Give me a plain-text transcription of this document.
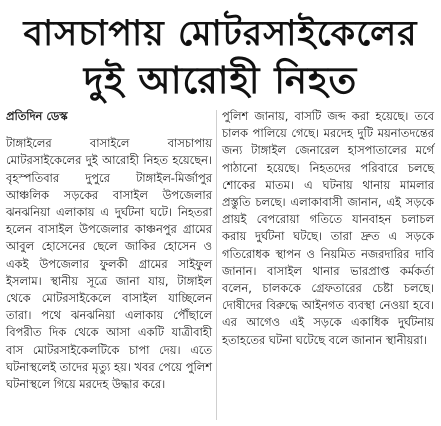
বাসচাপায় মোটরসাইকেলের
দুই আরোহী নিহত

প্রতিদিন ডেস্ক

টাঙ্গাইলের বাসাইলে বাসচাপায় মোটরসাইকেলের দুই আরোহী নিহত হয়েছেন। বৃহস্পতিবার দুপুরে টাঙ্গাইল-মির্জাপুর আঞ্চলিক সড়কের বাসাইল উপজেলার ঝনঝনিয়া এলাকায় এ দুর্ঘটনা ঘটে। নিহতরা হলেন বাসাইল উপজেলার কাঞ্চনপুর গ্রামের আবুল হোসেনের ছেলে জাকির হোসেন ও একই উপজেলার ফুলকী গ্রামের সাইফুল ইসলাম। স্থানীয় সূত্রে জানা যায়, টাঙ্গাইল থেকে মোটরসাইকেলে বাসাইল যাচ্ছিলেন তারা। পথে ঝনঝনিয়া এলাকায় পৌঁছালে বিপরীত দিক থেকে আসা একটি যাত্রীবাহী বাস মোটরসাইকেলটিকে চাপা দেয়। এতে ঘটনাস্থলেই তাদের মৃত্যু হয়। খবর পেয়ে পুলিশ ঘটনাস্থলে গিয়ে মরদেহ উদ্ধার করে।

পুলিশ জানায়, বাসটি জব্দ করা হয়েছে। তবে চালক পালিয়ে গেছে। মরদেহ দুটি ময়নাতদন্তের জন্য টাঙ্গাইল জেনারেল হাসপাতালের মর্গে পাঠানো হয়েছে। নিহতদের পরিবারে চলছে শোকের মাতম। এ ঘটনায় থানায় মামলার প্রস্তুতি চলছে। এলাকাবাসী জানান, এই সড়কে প্রায়ই বেপরোয়া গতিতে যানবাহন চলাচল করায় দুর্ঘটনা ঘটছে। তারা দ্রুত এ সড়কে গতিরোধক স্থাপন ও নিয়মিত নজরদারির দাবি জানান। বাসাইল থানার ভারপ্রাপ্ত কর্মকর্তা বলেন, চালককে গ্রেফতারের চেষ্টা চলছে। দোষীদের বিরুদ্ধে আইনগত ব্যবস্থা নেওয়া হবে। এর আগেও এই সড়কে একাধিক দুর্ঘটনায় হতাহতের ঘটনা ঘটেছে বলে জানান স্থানীয়রা।
